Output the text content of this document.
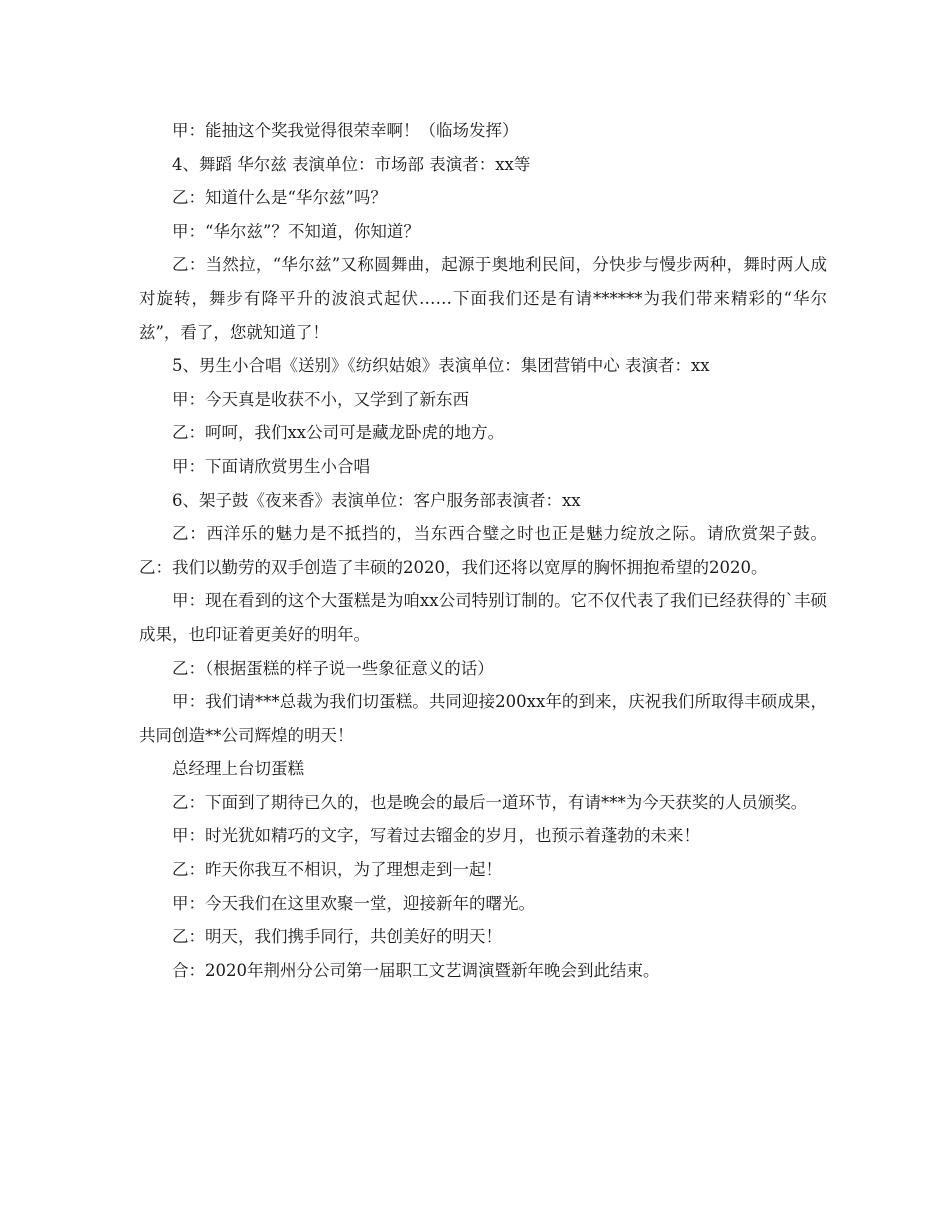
甲：能抽这个奖我觉得很荣幸啊！（临场发挥）

4、舞蹈 华尔兹 表演单位：市场部 表演者：xx等

乙：知道什么是“华尔兹”吗？

甲：“华尔兹”？不知道，你知道？

乙：当然拉，“华尔兹”又称圆舞曲，起源于奥地利民间，分快步与慢步两种，舞时两人成对旋转，舞步有降平升的波浪式起伏……下面我们还是有请******为我们带来精彩的“华尔兹”，看了，您就知道了！

5、男生小合唱《送别》《纺织姑娘》表演单位：集团营销中心 表演者：xx

甲：今天真是收获不小，又学到了新东西

乙：呵呵，我们xx公司可是藏龙卧虎的地方。

甲：下面请欣赏男生小合唱

6、架子鼓《夜来香》表演单位：客户服务部表演者：xx

乙：西洋乐的魅力是不抵挡的，当东西合璧之时也正是魅力绽放之际。请欣赏架子鼓。乙：我们以勤劳的双手创造了丰硕的2020，我们还将以宽厚的胸怀拥抱希望的2020。

甲：现在看到的这个大蛋糕是为咱xx公司特别订制的。它不仅代表了我们已经获得的`丰硕成果，也印证着更美好的明年。

乙：（根据蛋糕的样子说一些象征意义的话）

甲：我们请***总裁为我们切蛋糕。共同迎接200xx年的到来，庆祝我们所取得丰硕成果，共同创造**公司辉煌的明天！

总经理上台切蛋糕

乙：下面到了期待已久的，也是晚会的最后一道环节，有请***为今天获奖的人员颁奖。

甲：时光犹如精巧的文字，写着过去镏金的岁月，也预示着蓬勃的未来！

乙：昨天你我互不相识，为了理想走到一起！

甲：今天我们在这里欢聚一堂，迎接新年的曙光。

乙：明天，我们携手同行，共创美好的明天！

合：2020年荆州分公司第一届职工文艺调演暨新年晚会到此结束。
